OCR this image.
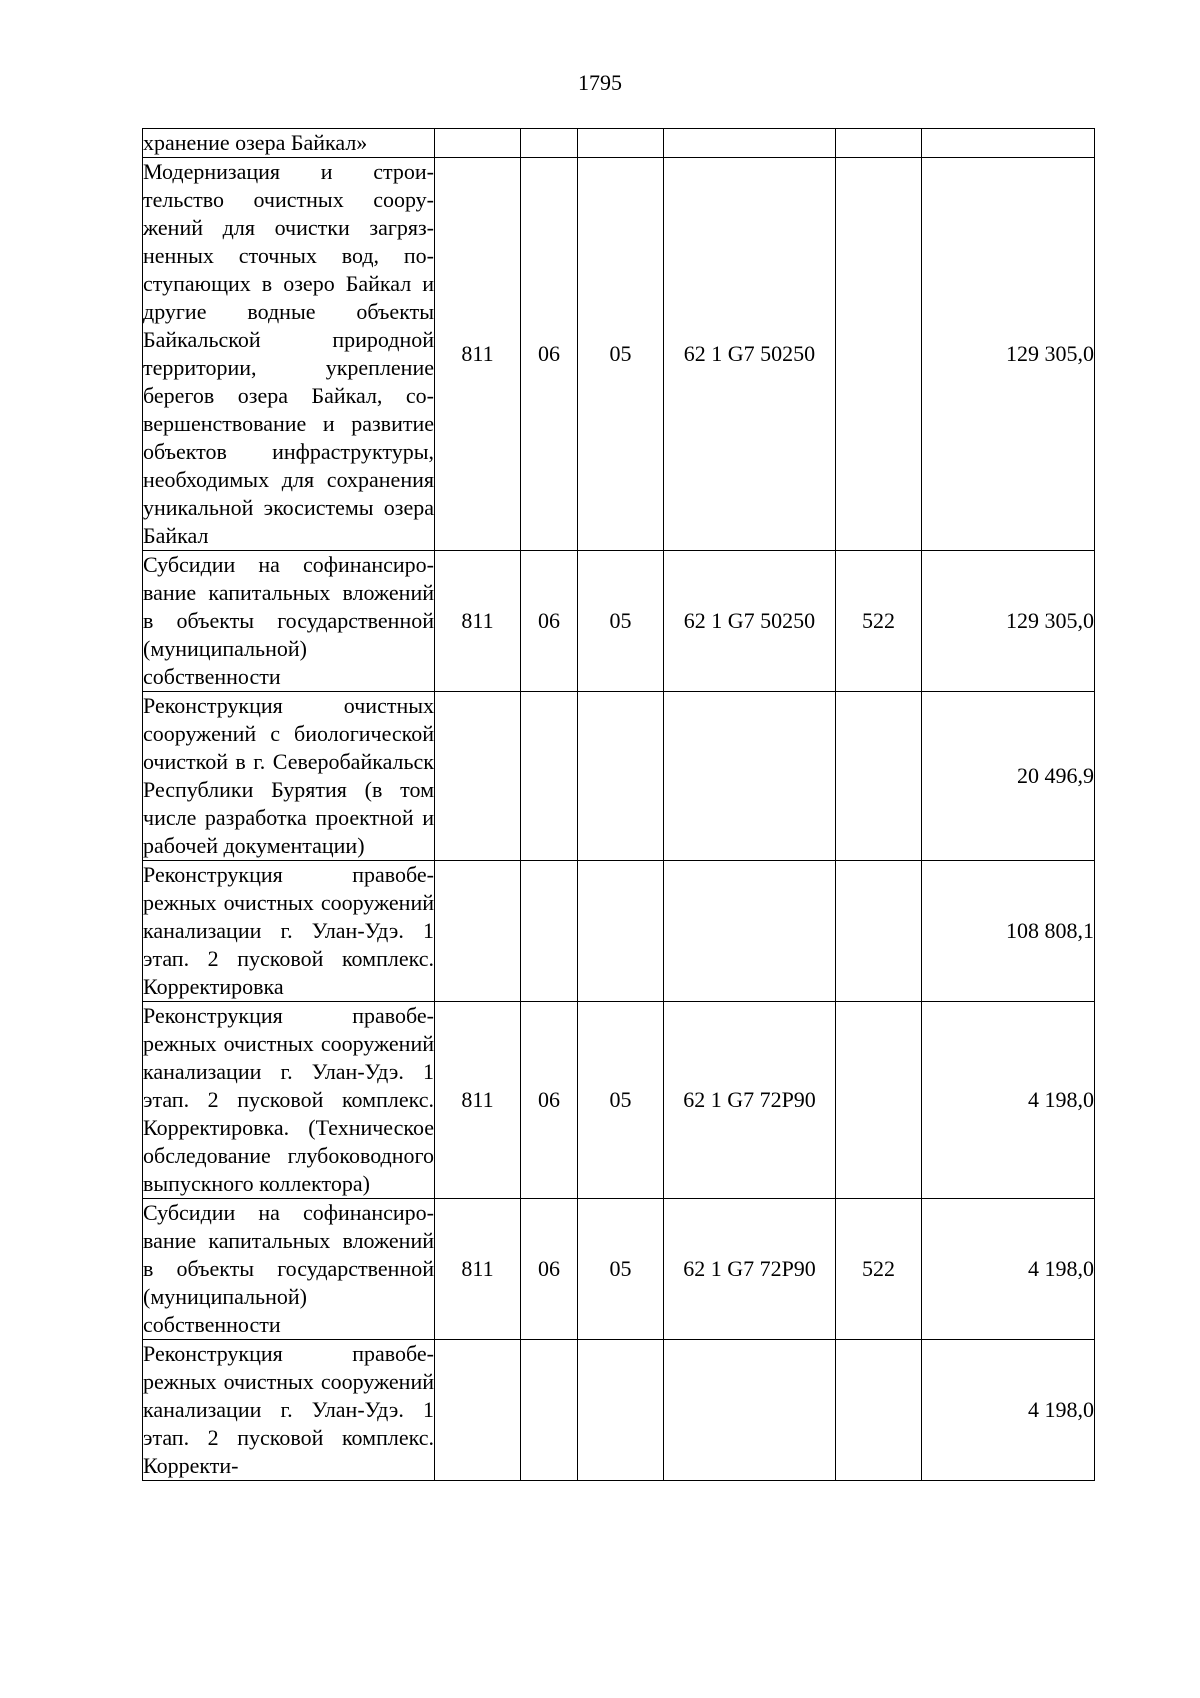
1795
хранение озера Байкал»						
Модернизация и строительство очистных сооружений для очистки загрязненных сточных вод, поступающих в озеро Байкал и другие водные объекты Байкальской природной территории, укрепление берегов озера Байкал, совершенствование и развитие объектов инфраструктуры, необходимых для сохранения уникальной экосистемы озера Байкал	811	06	05	62 1 G7 50250		129 305,0
Субсидии на софинансирование капитальных вложений в объекты государственной (муниципальной) собственности	811	06	05	62 1 G7 50250	522	129 305,0
Реконструкция очистных сооружений с биологической очисткой в г. Северобайкальск Республики Бурятия (в том числе разработка проектной и рабочей документации)						20 496,9
Реконструкция правобережных очистных сооружений канализации г. Улан-Удэ. 1 этап. 2 пусковой комплекс. Корректировка						108 808,1
Реконструкция правобережных очистных сооружений канализации г. Улан-Удэ. 1 этап. 2 пусковой комплекс. Корректировка. (Техническое обследование глубоководного выпускного коллектора)	811	06	05	62 1 G7 72P90		4 198,0
Субсидии на софинансирование капитальных вложений в объекты государственной (муниципальной) собственности	811	06	05	62 1 G7 72P90	522	4 198,0
Реконструкция правобережных очистных сооружений канализации г. Улан-Удэ. 1 этап. 2 пусковой комплекс. Корректи-						4 198,0
